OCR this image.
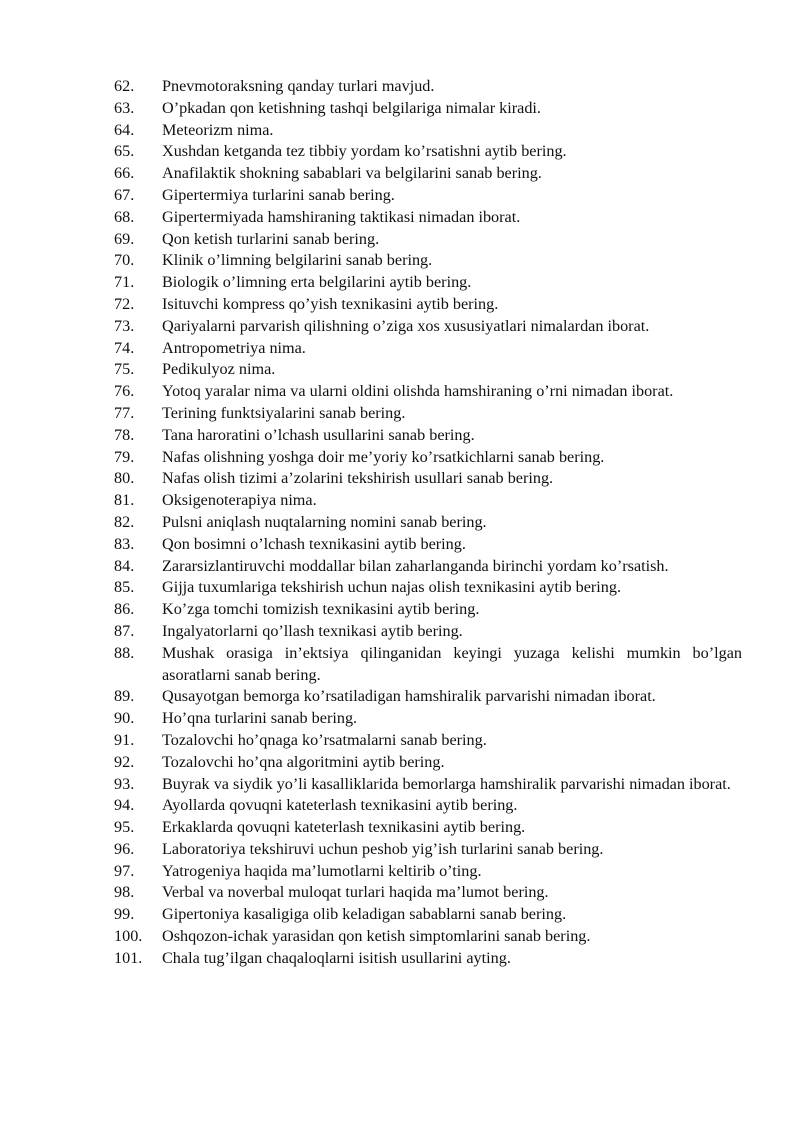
62.	Pnevmotoraksning qanday turlari mavjud.
63.	O’pkadan qon ketishning tashqi belgilariga nimalar kiradi.
64.	Meteorizm nima.
65.	Xushdan ketganda tez tibbiy yordam ko’rsatishni aytib bering.
66.	Anafilaktik shokning sabablari va belgilarini sanab bering.
67.	Gipertermiya turlarini sanab bering.
68.	Gipertermiyada hamshiraning taktikasi nimadan iborat.
69.	Qon ketish turlarini sanab bering.
70.	Klinik o’limning belgilarini sanab bering.
71.	Biologik o’limning erta belgilarini aytib bering.
72.	Isituvchi kompress qo’yish texnikasini aytib bering.
73.	Qariyalarni parvarish qilishning o’ziga xos xususiyatlari nimalardan iborat.
74.	Antropometriya nima.
75.	Pedikulyoz nima.
76.	Yotoq yaralar nima va ularni oldini olishda hamshiraning o’rni nimadan iborat.
77.	Terining funktsiyalarini sanab bering.
78.	Tana haroratini o’lchash usullarini sanab bering.
79.	Nafas olishning yoshga doir me’yoriy ko’rsatkichlarni sanab bering.
80.	Nafas olish tizimi a’zolarini tekshirish usullari sanab bering.
81.	Oksigenoterapiya nima.
82.	Pulsni aniqlash nuqtalarning nomini sanab bering.
83.	Qon bosimni o’lchash texnikasini aytib bering.
84.	Zararsizlantiruvchi moddallar bilan zaharlanganda birinchi yordam ko’rsatish.
85.	Gijja tuxumlariga tekshirish uchun najas olish texnikasini aytib bering.
86.	Ko’zga tomchi tomizish texnikasini aytib bering.
87.	Ingalyatorlarni qo’llash texnikasi aytib bering.
88.	Mushak orasiga in’ektsiya qilinganidan keyingi yuzaga kelishi mumkin bo’lgan asoratlarni sanab bering.
89.	Qusayotgan bemorga ko’rsatiladigan hamshiralik parvarishi nimadan iborat.
90.	Ho’qna turlarini sanab bering.
91.	Tozalovchi ho’qnaga ko’rsatmalarni sanab bering.
92.	Tozalovchi ho’qna algoritmini aytib bering.
93.	Buyrak va siydik yo’li kasalliklarida bemorlarga hamshiralik parvarishi nimadan iborat.
94.	Ayollarda qovuqni kateterlash texnikasini aytib bering.
95.	Erkaklarda qovuqni kateterlash texnikasini aytib bering.
96.	Laboratoriya tekshiruvi uchun peshob yig’ish turlarini sanab bering.
97.	Yatrogeniya haqida ma’lumotlarni keltirib o’ting.
98.	Verbal va noverbal muloqat turlari haqida ma’lumot bering.
99.	Gipertoniya kasaligiga olib keladigan sabablarni sanab bering.
100.	Oshqozon-ichak yarasidan qon ketish simptomlarini sanab bering.
101.	Chala tug’ilgan chaqaloqlarni isitish usullarini ayting.
